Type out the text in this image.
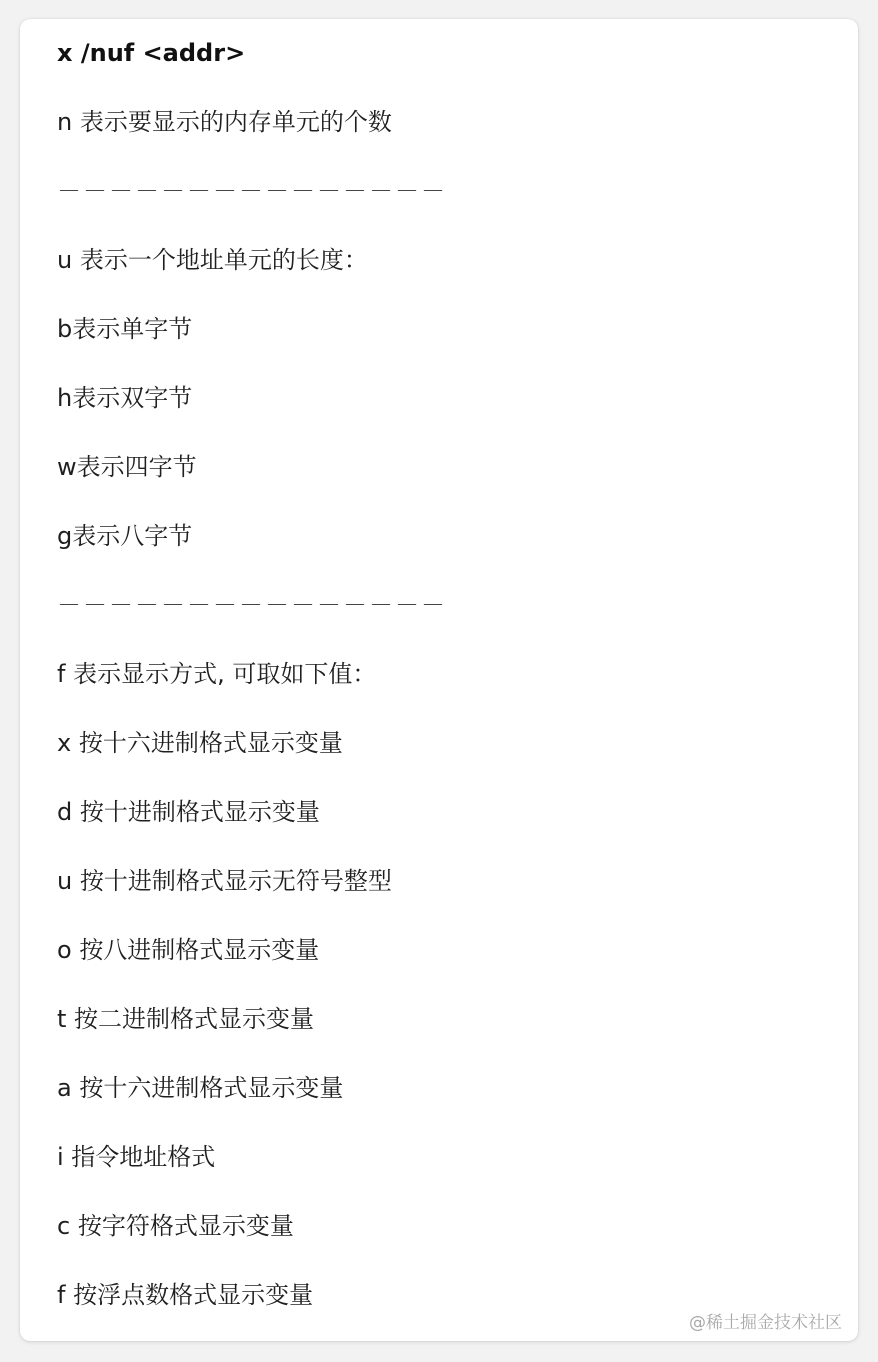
x /nuf <addr>

n 表示要显示的内存单元的个数

－－－－－－－－－－－－－－－

u 表示一个地址单元的长度：

b表示单字节

h表示双字节

w表示四字节

g表示八字节

－－－－－－－－－－－－－－－

f 表示显示方式, 可取如下值：

x 按十六进制格式显示变量

d 按十进制格式显示变量

u 按十进制格式显示无符号整型

o 按八进制格式显示变量

t 按二进制格式显示变量

a 按十六进制格式显示变量

i 指令地址格式

c 按字符格式显示变量

f 按浮点数格式显示变量

@稀土掘金技术社区
